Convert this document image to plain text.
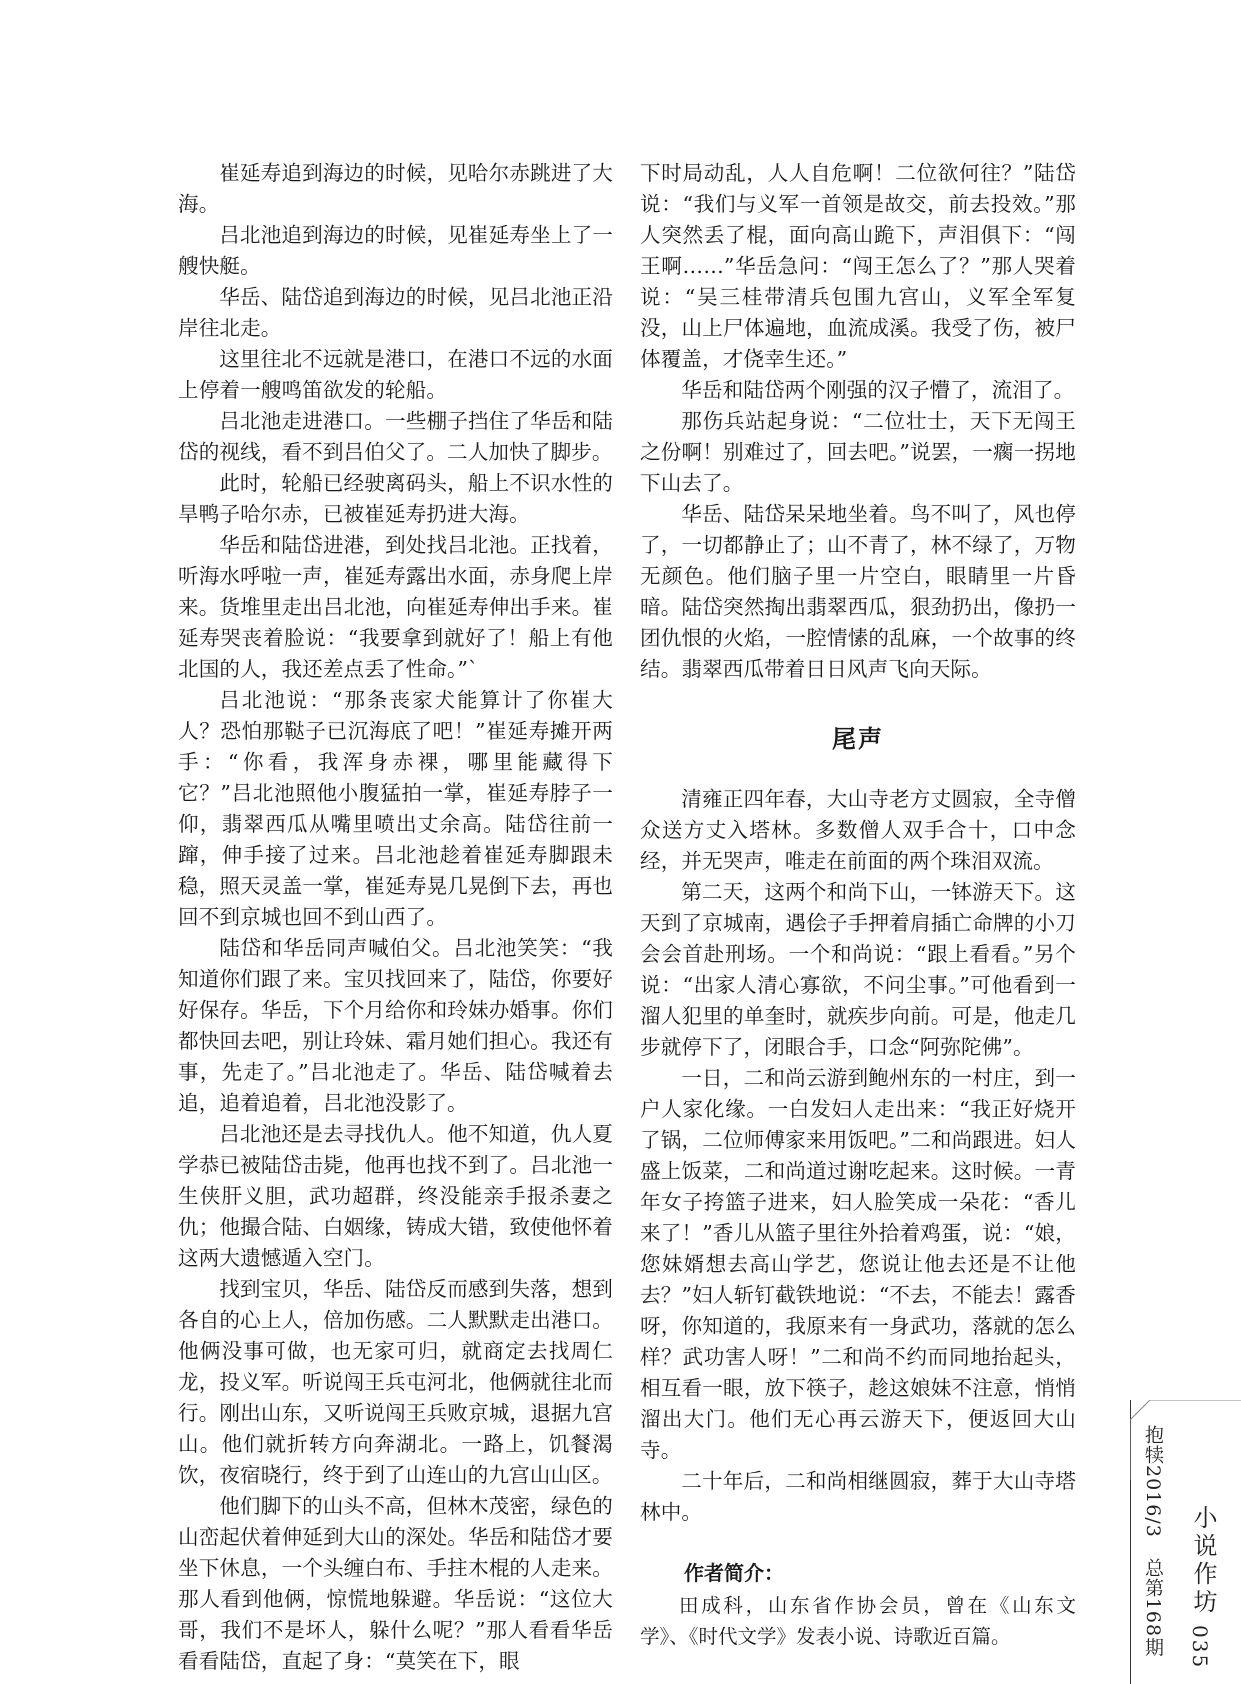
崔延寿追到海边的时候，见哈尔赤跳进了大海。

吕北池追到海边的时候，见崔延寿坐上了一艘快艇。

华岳、陆岱追到海边的时候，见吕北池正沿岸往北走。

这里往北不远就是港口，在港口不远的水面上停着一艘鸣笛欲发的轮船。

吕北池走进港口。一些棚子挡住了华岳和陆岱的视线，看不到吕伯父了。二人加快了脚步。

此时，轮船已经驶离码头，船上不识水性的旱鸭子哈尔赤，已被崔延寿扔进大海。

华岳和陆岱进港，到处找吕北池。正找着，听海水呼啦一声，崔延寿露出水面，赤身爬上岸来。货堆里走出吕北池，向崔延寿伸出手来。崔延寿哭丧着脸说：“我要拿到就好了！船上有他北国的人，我还差点丢了性命。”`

吕北池说：“那条丧家犬能算计了你崔大人？恐怕那鞑子已沉海底了吧！”崔延寿摊开两手：“你看，我浑身赤裸，哪里能藏得下它？”吕北池照他小腹猛拍一掌，崔延寿脖子一仰，翡翠西瓜从嘴里喷出丈余高。陆岱往前一蹿，伸手接了过来。吕北池趁着崔延寿脚跟未稳，照天灵盖一掌，崔延寿晃几晃倒下去，再也回不到京城也回不到山西了。

陆岱和华岳同声喊伯父。吕北池笑笑：“我知道你们跟了来。宝贝找回来了，陆岱，你要好好保存。华岳，下个月给你和玲妹办婚事。你们都快回去吧，别让玲妹、霜月她们担心。我还有事，先走了。”吕北池走了。华岳、陆岱喊着去追，追着追着，吕北池没影了。

吕北池还是去寻找仇人。他不知道，仇人夏学恭已被陆岱击毙，他再也找不到了。吕北池一生侠肝义胆，武功超群，终没能亲手报杀妻之仇；他撮合陆、白姻缘，铸成大错，致使他怀着这两大遗憾遁入空门。

找到宝贝，华岳、陆岱反而感到失落，想到各自的心上人，倍加伤感。二人默默走出港口。他俩没事可做，也无家可归，就商定去找周仁龙，投义军。听说闯王兵屯河北，他俩就往北而行。刚出山东，又听说闯王兵败京城，退据九宫山。他们就折转方向奔湖北。一路上，饥餐渴饮，夜宿晓行，终于到了山连山的九宫山山区。

他们脚下的山头不高，但林木茂密，绿色的山峦起伏着伸延到大山的深处。华岳和陆岱才要坐下休息，一个头缠白布、手拄木棍的人走来。那人看到他俩，惊慌地躲避。华岳说：“这位大哥，我们不是坏人，躲什么呢？”那人看看华岳看看陆岱，直起了身：“莫笑在下，眼

下时局动乱，人人自危啊！二位欲何往？”陆岱说：“我们与义军一首领是故交，前去投效。”那人突然丢了棍，面向高山跪下，声泪俱下：“闯王啊……”华岳急问：“闯王怎么了？”那人哭着说：“吴三桂带清兵包围九宫山，义军全军复没，山上尸体遍地，血流成溪。我受了伤，被尸体覆盖，才侥幸生还。”

华岳和陆岱两个刚强的汉子懵了，流泪了。

那伤兵站起身说：“二位壮士，天下无闯王之份啊！别难过了，回去吧。”说罢，一瘸一拐地下山去了。

华岳、陆岱呆呆地坐着。鸟不叫了，风也停了，一切都静止了；山不青了，林不绿了，万物无颜色。他们脑子里一片空白，眼睛里一片昏暗。陆岱突然掏出翡翠西瓜，狠劲扔出，像扔一团仇恨的火焰，一腔情愫的乱麻，一个故事的终结。翡翠西瓜带着日日风声飞向天际。

尾声

清雍正四年春，大山寺老方丈圆寂，全寺僧众送方丈入塔林。多数僧人双手合十，口中念经，并无哭声，唯走在前面的两个珠泪双流。

第二天，这两个和尚下山，一钵游天下。这天到了京城南，遇侩子手押着肩插亡命牌的小刀会会首赴刑场。一个和尚说：“跟上看看。”另个说：“出家人清心寡欲，不问尘事。”可他看到一溜人犯里的单奎时，就疾步向前。可是，他走几步就停下了，闭眼合手，口念“阿弥陀佛”。

一日，二和尚云游到鲍州东的一村庄，到一户人家化缘。一白发妇人走出来：“我正好烧开了锅，二位师傅家来用饭吧。”二和尚跟进。妇人盛上饭菜，二和尚道过谢吃起来。这时候。一青年女子挎篮子进来，妇人脸笑成一朵花：“香儿来了！”香儿从篮子里往外拾着鸡蛋，说：“娘，您妹婿想去高山学艺，您说让他去还是不让他去？”妇人斩钉截铁地说：“不去，不能去！露香呀，你知道的，我原来有一身武功，落就的怎么样？武功害人呀！”二和尚不约而同地抬起头，相互看一眼，放下筷子，趁这娘妹不注意，悄悄溜出大门。他们无心再云游天下，便返回大山寺。

二十年后，二和尚相继圆寂，葬于大山寺塔林中。

作者简介：

田成科，山东省作协会员，曾在《山东文学》、《时代文学》发表小说、诗歌近百篇。	抱犊2016/3　总第168期 小说作坊
035
